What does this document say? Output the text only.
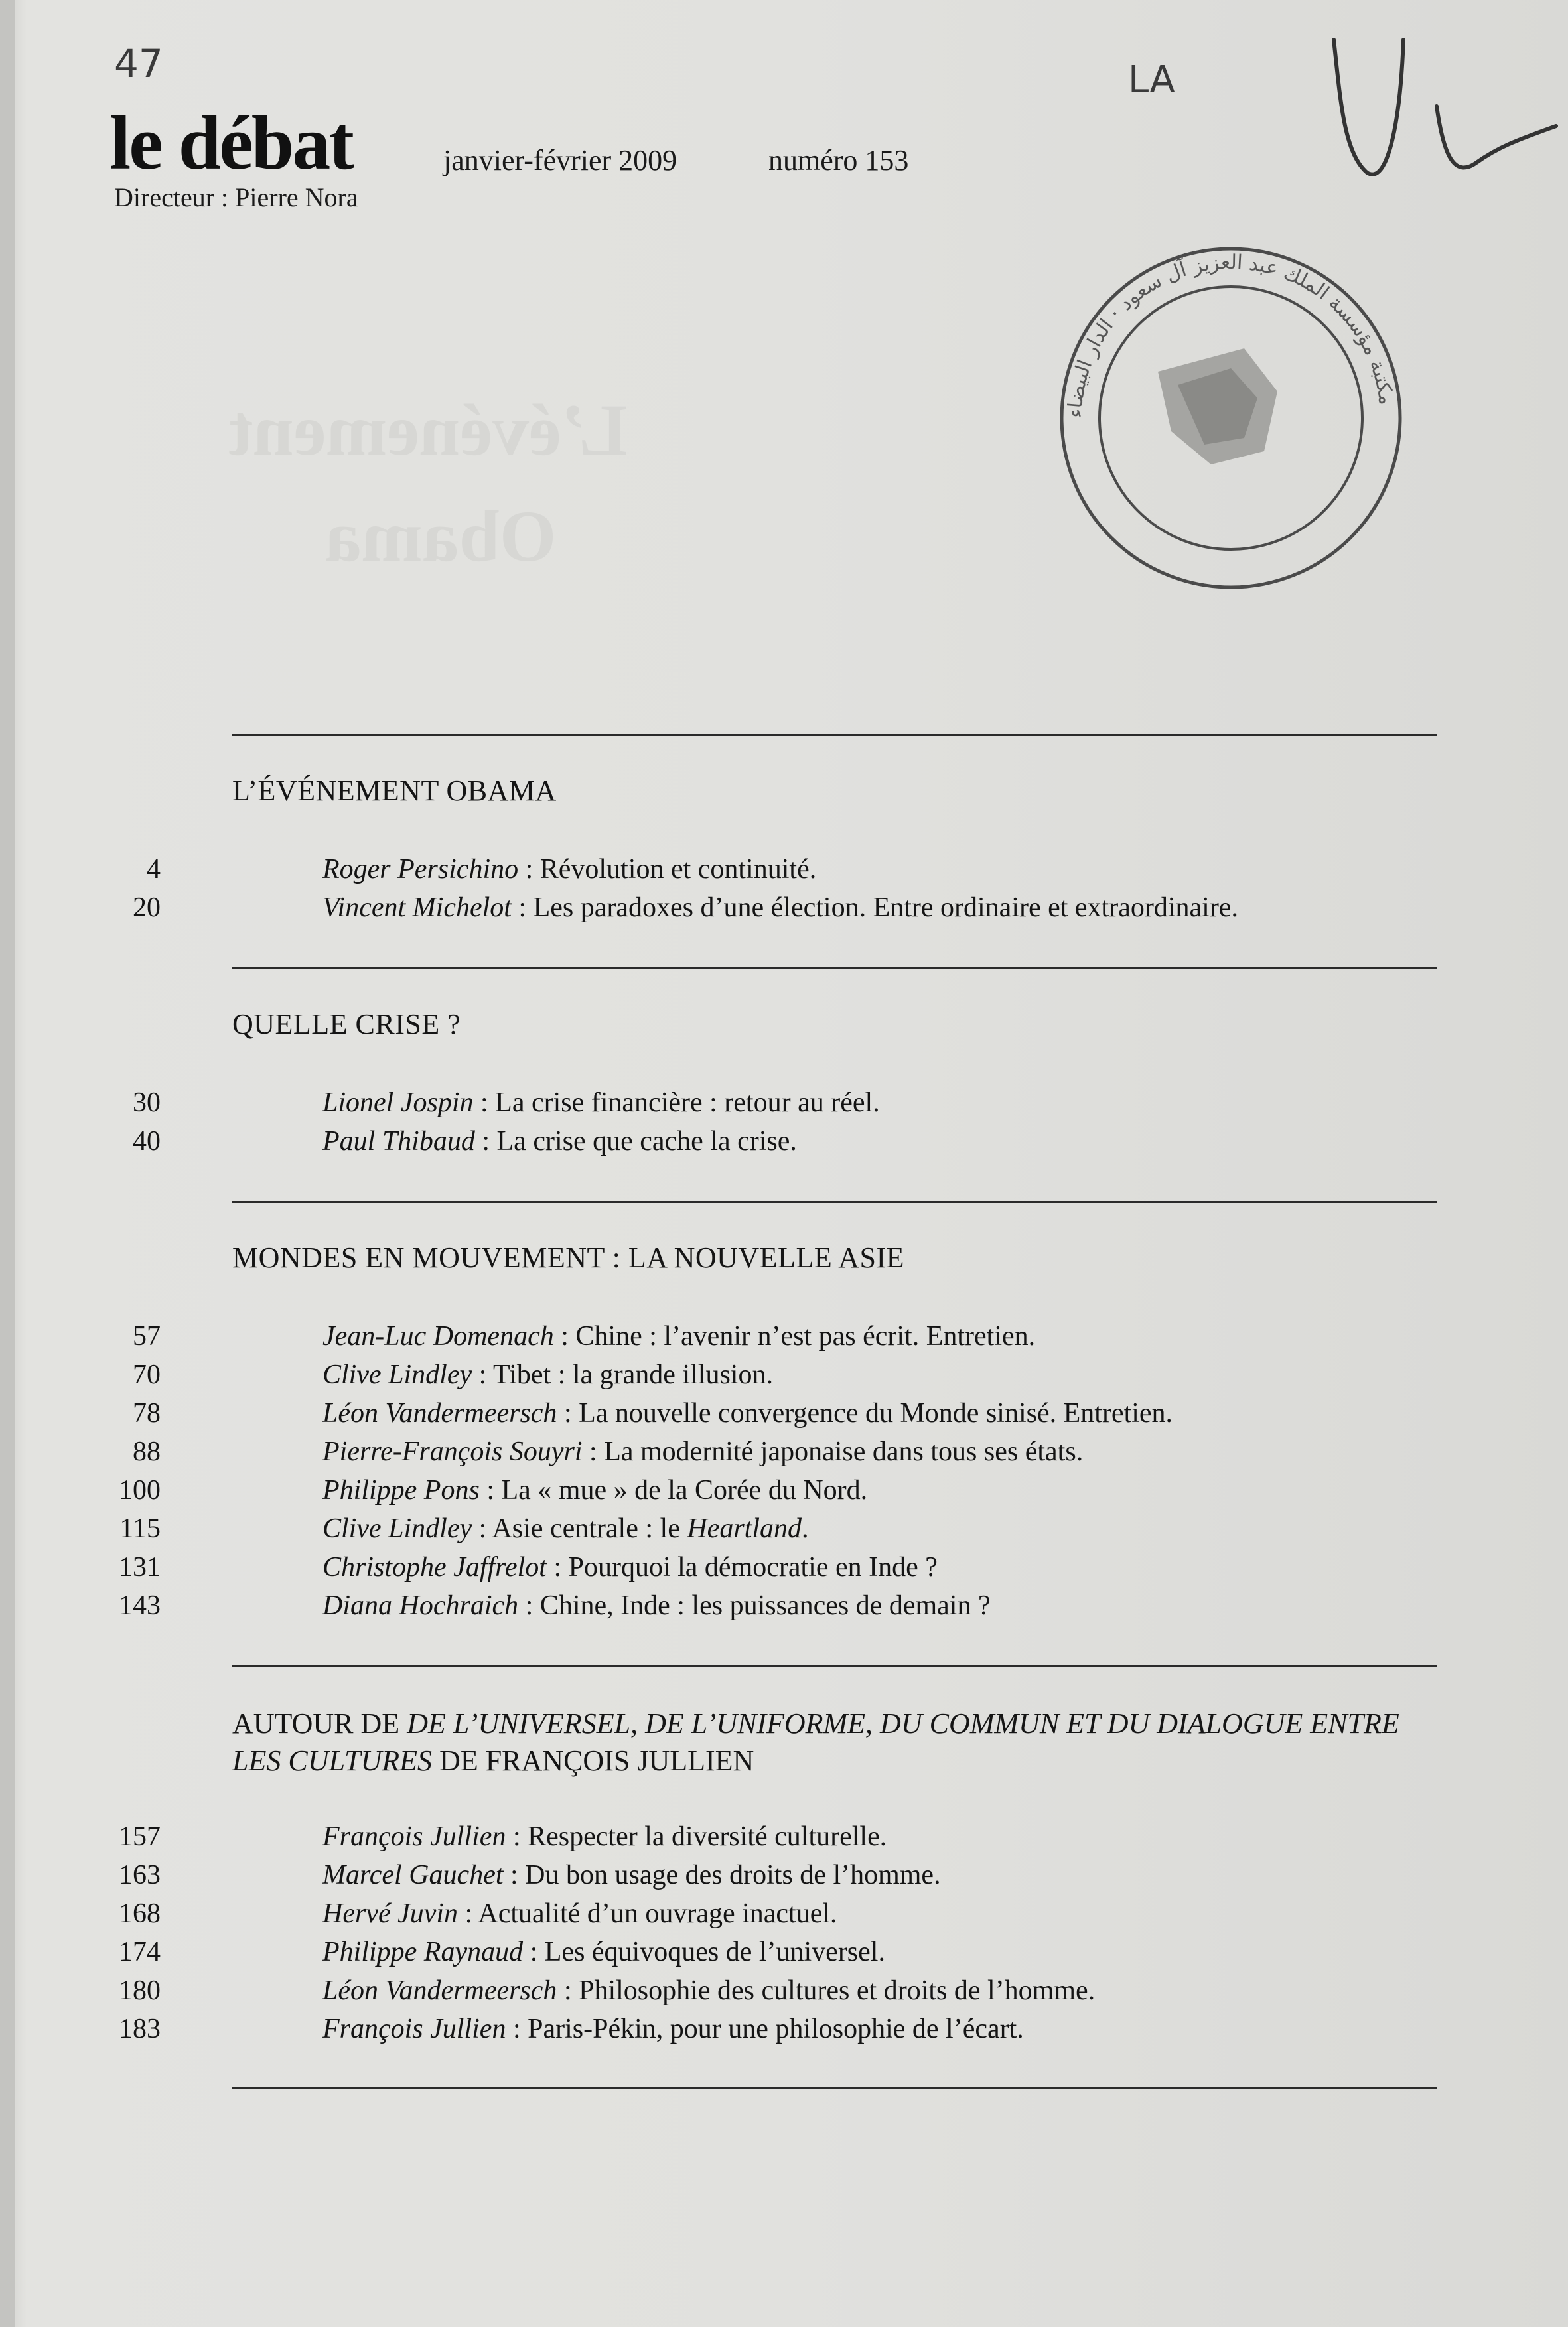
L’événement
Obama
47	LA
le débat	janvier-février 2009	numéro 153
Directeur : Pierre Nora
مكتبة مؤسسة الملك عبد العزيز آل سعود · الدار البيضاء
L’ÉVÉNEMENT OBAMA
4	Roger Persichino : Révolution et continuité.
20	Vincent Michelot : Les paradoxes d’une élection. Entre ordinaire et extraordinaire.
QUELLE CRISE ?
30	Lionel Jospin : La crise financière : retour au réel.
40	Paul Thibaud : La crise que cache la crise.
MONDES EN MOUVEMENT : LA NOUVELLE ASIE
57	Jean-Luc Domenach : Chine : l’avenir n’est pas écrit. Entretien.
70	Clive Lindley : Tibet : la grande illusion.
78	Léon Vandermeersch : La nouvelle convergence du Monde sinisé. Entretien.
88	Pierre-François Souyri : La modernité japonaise dans tous ses états.
100	Philippe Pons : La « mue » de la Corée du Nord.
115	Clive Lindley : Asie centrale : le Heartland.
131	Christophe Jaffrelot : Pourquoi la démocratie en Inde ?
143	Diana Hochraich : Chine, Inde : les puissances de demain ?
AUTOUR DE DE L’UNIVERSEL, DE L’UNIFORME, DU COMMUN ET DU DIALOGUE ENTRE LES CULTURES DE FRANÇOIS JULLIEN
157	François Jullien : Respecter la diversité culturelle.
163	Marcel Gauchet : Du bon usage des droits de l’homme.
168	Hervé Juvin : Actualité d’un ouvrage inactuel.
174	Philippe Raynaud : Les équivoques de l’universel.
180	Léon Vandermeersch : Philosophie des cultures et droits de l’homme.
183	François Jullien : Paris-Pékin, pour une philosophie de l’écart.
